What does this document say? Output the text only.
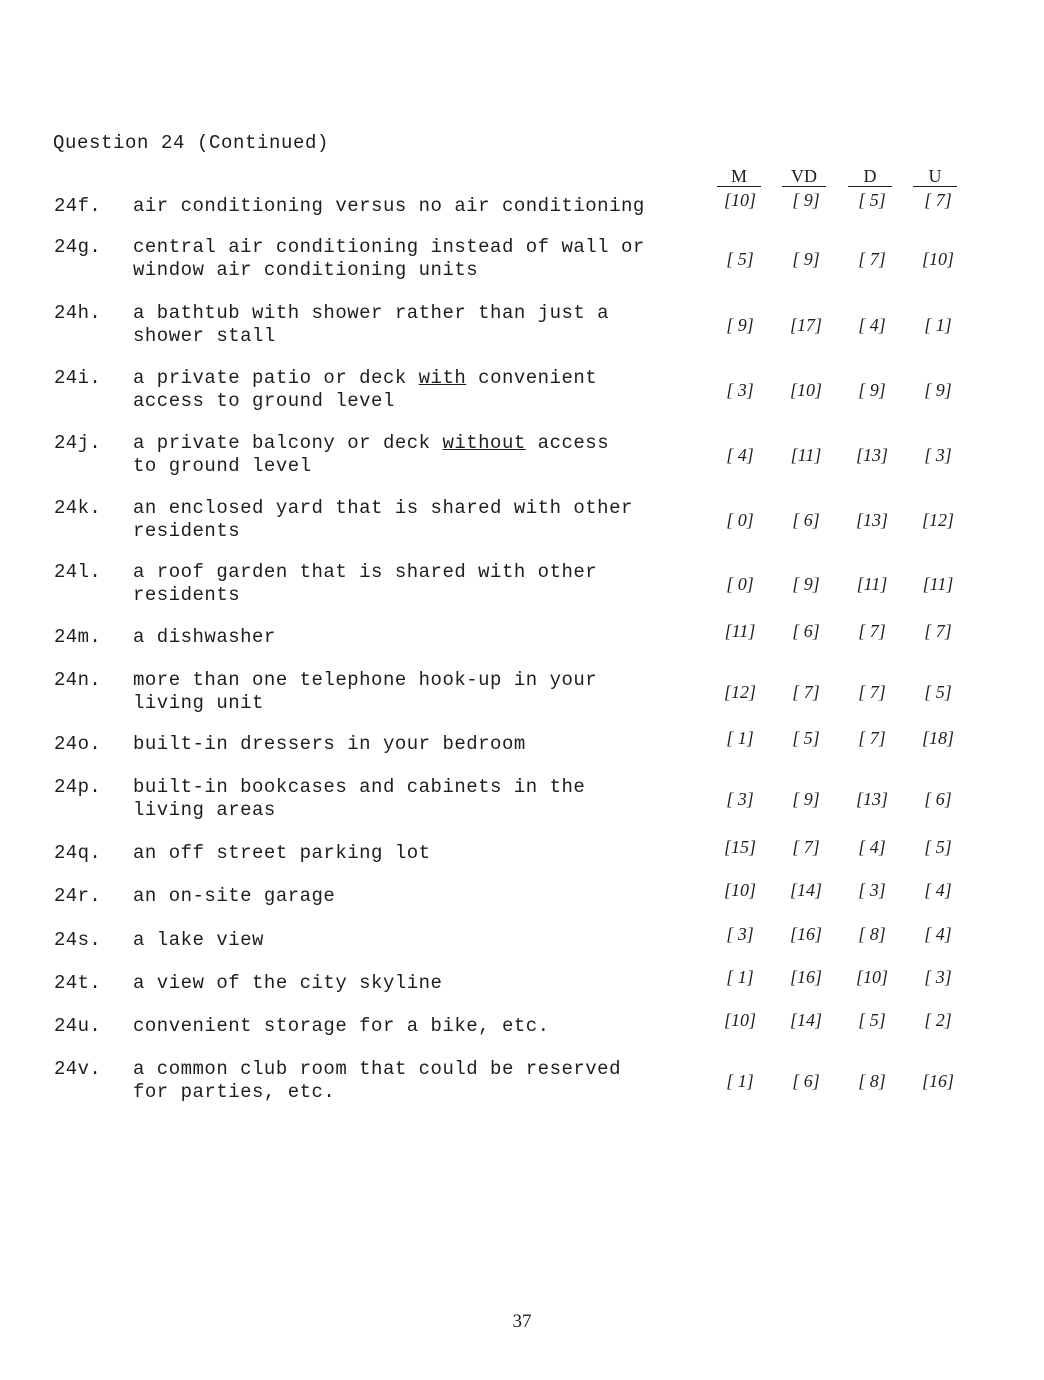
Question 24 (Continued)
M	VD	D	U
24f. air conditioning versus no air conditioning	[10]	[ 9]	[ 5]	[ 7]
24g. central air conditioning instead of wall or
window air conditioning units	[ 5]	[ 9]	[ 7]	[10]
24h. a bathtub with shower rather than just a
shower stall	[ 9]	[17]	[ 4]	[ 1]
24i. a private patio or deck with convenient
access to ground level	[ 3]	[10]	[ 9]	[ 9]
24j. a private balcony or deck without access
to ground level	[ 4]	[11]	[13]	[ 3]
24k. an enclosed yard that is shared with other
residents	[ 0]	[ 6]	[13]	[12]
24l. a roof garden that is shared with other
residents	[ 0]	[ 9]	[11]	[11]
24m. a dishwasher	[11]	[ 6]	[ 7]	[ 7]
24n. more than one telephone hook-up in your
living unit	[12]	[ 7]	[ 7]	[ 5]
24o. built-in dressers in your bedroom	[ 1]	[ 5]	[ 7]	[18]
24p. built-in bookcases and cabinets in the
living areas	[ 3]	[ 9]	[13]	[ 6]
24q. an off street parking lot	[15]	[ 7]	[ 4]	[ 5]
24r. an on-site garage	[10]	[14]	[ 3]	[ 4]
24s. a lake view	[ 3]	[16]	[ 8]	[ 4]
24t. a view of the city skyline	[ 1]	[16]	[10]	[ 3]
24u. convenient storage for a bike, etc.	[10]	[14]	[ 5]	[ 2]
24v. a common club room that could be reserved
for parties, etc.	[ 1]	[ 6]	[ 8]	[16]
37
